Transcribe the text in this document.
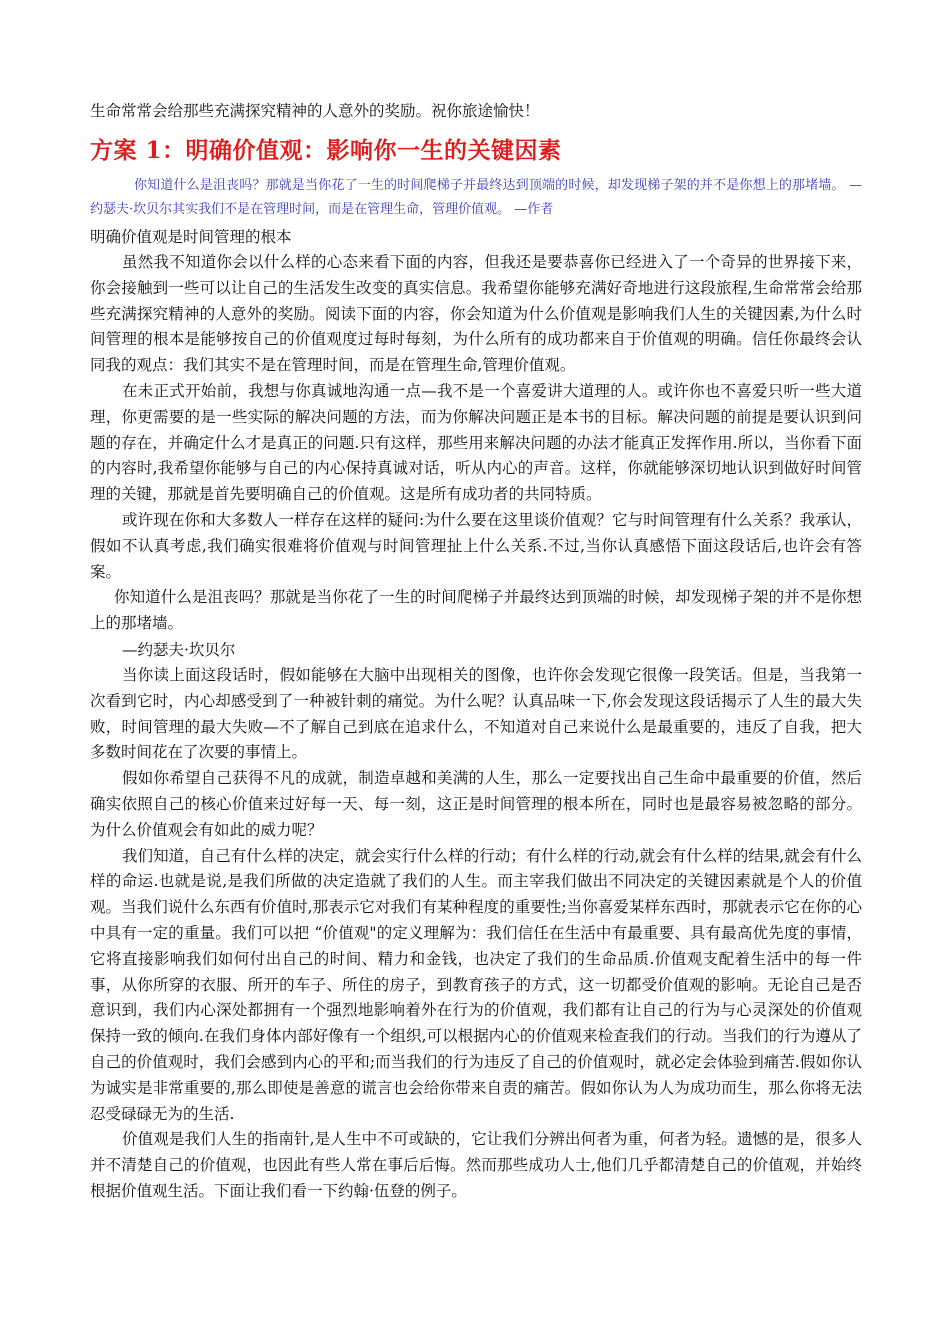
生命常常会给那些充满探究精神的人意外的奖励。祝你旅途愉快！

方案 1：明确价值观：影响你一生的关键因素

你知道什么是沮丧吗？那就是当你花了一生的时间爬梯子并最终达到顶端的时候，却发现梯子架的并不是你想上的那堵墙。 —约瑟夫·坎贝尔其实我们不是在管理时间，而是在管理生命，管理价值观。 —作者

明确价值观是时间管理的根本

虽然我不知道你会以什么样的心态来看下面的内容，但我还是要恭喜你已经进入了一个奇异的世界接下来，你会接触到一些可以让自己的生活发生改变的真实信息。我希望你能够充满好奇地进行这段旅程,生命常常会给那些充满探究精神的人意外的奖励。阅读下面的内容，你会知道为什么价值观是影响我们人生的关键因素,为什么时间管理的根本是能够按自己的价值观度过每时每刻，为什么所有的成功都来自于价值观的明确。信任你最终会认同我的观点：我们其实不是在管理时间，而是在管理生命,管理价值观。

在未正式开始前，我想与你真诚地沟通一点—我不是一个喜爱讲大道理的人。或许你也不喜爱只听一些大道理，你更需要的是一些实际的解决问题的方法，而为你解决问题正是本书的目标。解决问题的前提是要认识到问题的存在，并确定什么才是真正的问题.只有这样，那些用来解决问题的办法才能真正发挥作用.所以，当你看下面的内容时,我希望你能够与自己的内心保持真诚对话，听从内心的声音。这样，你就能够深切地认识到做好时间管理的关键，那就是首先要明确自己的价值观。这是所有成功者的共同特质。

或许现在你和大多数人一样存在这样的疑问:为什么要在这里谈价值观？它与时间管理有什么关系？我承认，假如不认真考虑,我们确实很难将价值观与时间管理扯上什么关系.不过,当你认真感悟下面这段话后,也许会有答案。

你知道什么是沮丧吗？那就是当你花了一生的时间爬梯子并最终达到顶端的时候，却发现梯子架的并不是你想上的那堵墙。

—约瑟夫·坎贝尔

当你读上面这段话时，假如能够在大脑中出现相关的图像，也许你会发现它很像一段笑话。但是，当我第一次看到它时，内心却感受到了一种被针刺的痛觉。为什么呢？认真品味一下,你会发现这段话揭示了人生的最大失败，时间管理的最大失败—不了解自己到底在追求什么，不知道对自己来说什么是最重要的，违反了自我，把大多数时间花在了次要的事情上。

假如你希望自己获得不凡的成就，制造卓越和美满的人生，那么一定要找出自己生命中最重要的价值，然后确实依照自己的核心价值来过好每一天、每一刻，这正是时间管理的根本所在，同时也是最容易被忽略的部分。为什么价值观会有如此的威力呢？

我们知道，自己有什么样的决定，就会实行什么样的行动；有什么样的行动,就会有什么样的结果,就会有什么样的命运.也就是说,是我们所做的决定造就了我们的人生。而主宰我们做出不同决定的关键因素就是个人的价值观。当我们说什么东西有价值时,那表示它对我们有某种程度的重要性;当你喜爱某样东西时，那就表示它在你的心中具有一定的重量。我们可以把 “价值观"的定义理解为：我们信任在生活中有最重要、具有最高优先度的事情，它将直接影响我们如何付出自己的时间、精力和金钱，也决定了我们的生命品质.价值观支配着生活中的每一件事，从你所穿的衣服、所开的车子、所住的房子，到教育孩子的方式，这一切都受价值观的影响。无论自己是否意识到，我们内心深处都拥有一个强烈地影响着外在行为的价值观，我们都有让自己的行为与心灵深处的价值观保持一致的倾向.在我们身体内部好像有一个组织,可以根据内心的价值观来检查我们的行动。当我们的行为遵从了自己的价值观时，我们会感到内心的平和;而当我们的行为违反了自己的价值观时，就必定会体验到痛苦.假如你认为诚实是非常重要的,那么即使是善意的谎言也会给你带来自责的痛苦。假如你认为人为成功而生，那么你将无法忍受碌碌无为的生活.

价值观是我们人生的指南针,是人生中不可或缺的，它让我们分辨出何者为重，何者为轻。遗憾的是，很多人并不清楚自己的价值观，也因此有些人常在事后后悔。然而那些成功人士,他们几乎都清楚自己的价值观，并始终根据价值观生活。下面让我们看一下约翰·伍登的例子。
